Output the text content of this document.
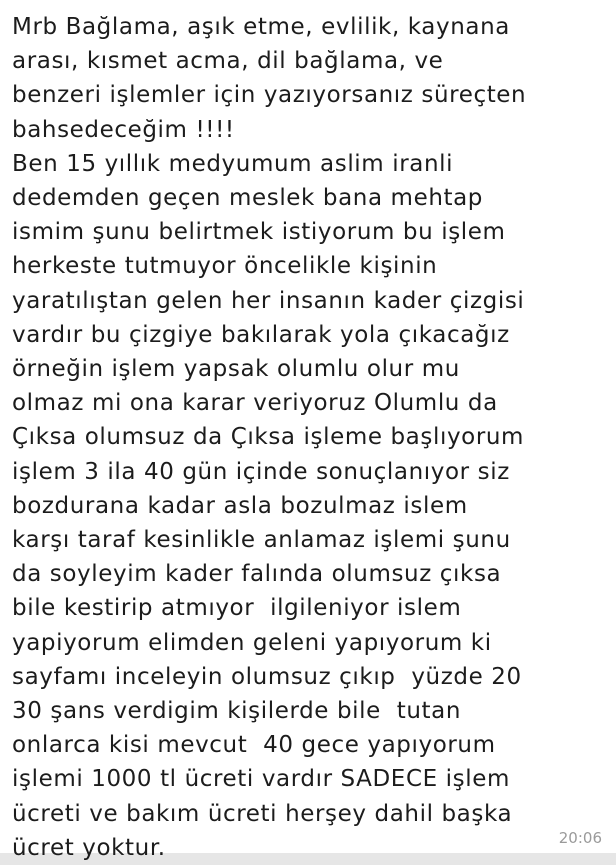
Mrb Bağlama, aşık etme, evlilik, kaynana
arası, kısmet acma, dil bağlama, ve
benzeri işlemler için yazıyorsanız süreçten
bahsedeceğim !!!!
Ben 15 yıllık medyumum aslim iranli
dedemden geçen meslek bana mehtap
ismim şunu belirtmek istiyorum bu işlem
herkeste tutmuyor öncelikle kişinin
yaratılıştan gelen her insanın kader çizgisi
vardır bu çizgiye bakılarak yola çıkacağız
örneğin işlem yapsak olumlu olur mu
olmaz mi ona karar veriyoruz Olumlu da
Çıksa olumsuz da Çıksa işleme başlıyorum
işlem 3 ila 40 gün içinde sonuçlanıyor siz
bozdurana kadar asla bozulmaz islem
karşı taraf kesinlikle anlamaz işlemi şunu
da soyleyim kader falında olumsuz çıksa
bile kestirip atmıyor  ilgileniyor islem
yapiyorum elimden geleni yapıyorum ki
sayfamı inceleyin olumsuz çıkıp  yüzde 20
30 şans verdigim kişilerde bile  tutan
onlarca kisi mevcut  40 gece yapıyorum
işlemi 1000 tl ücreti vardır SADECE işlem
ücreti ve bakım ücreti herşey dahil başka
ücret yoktur.	20:06
